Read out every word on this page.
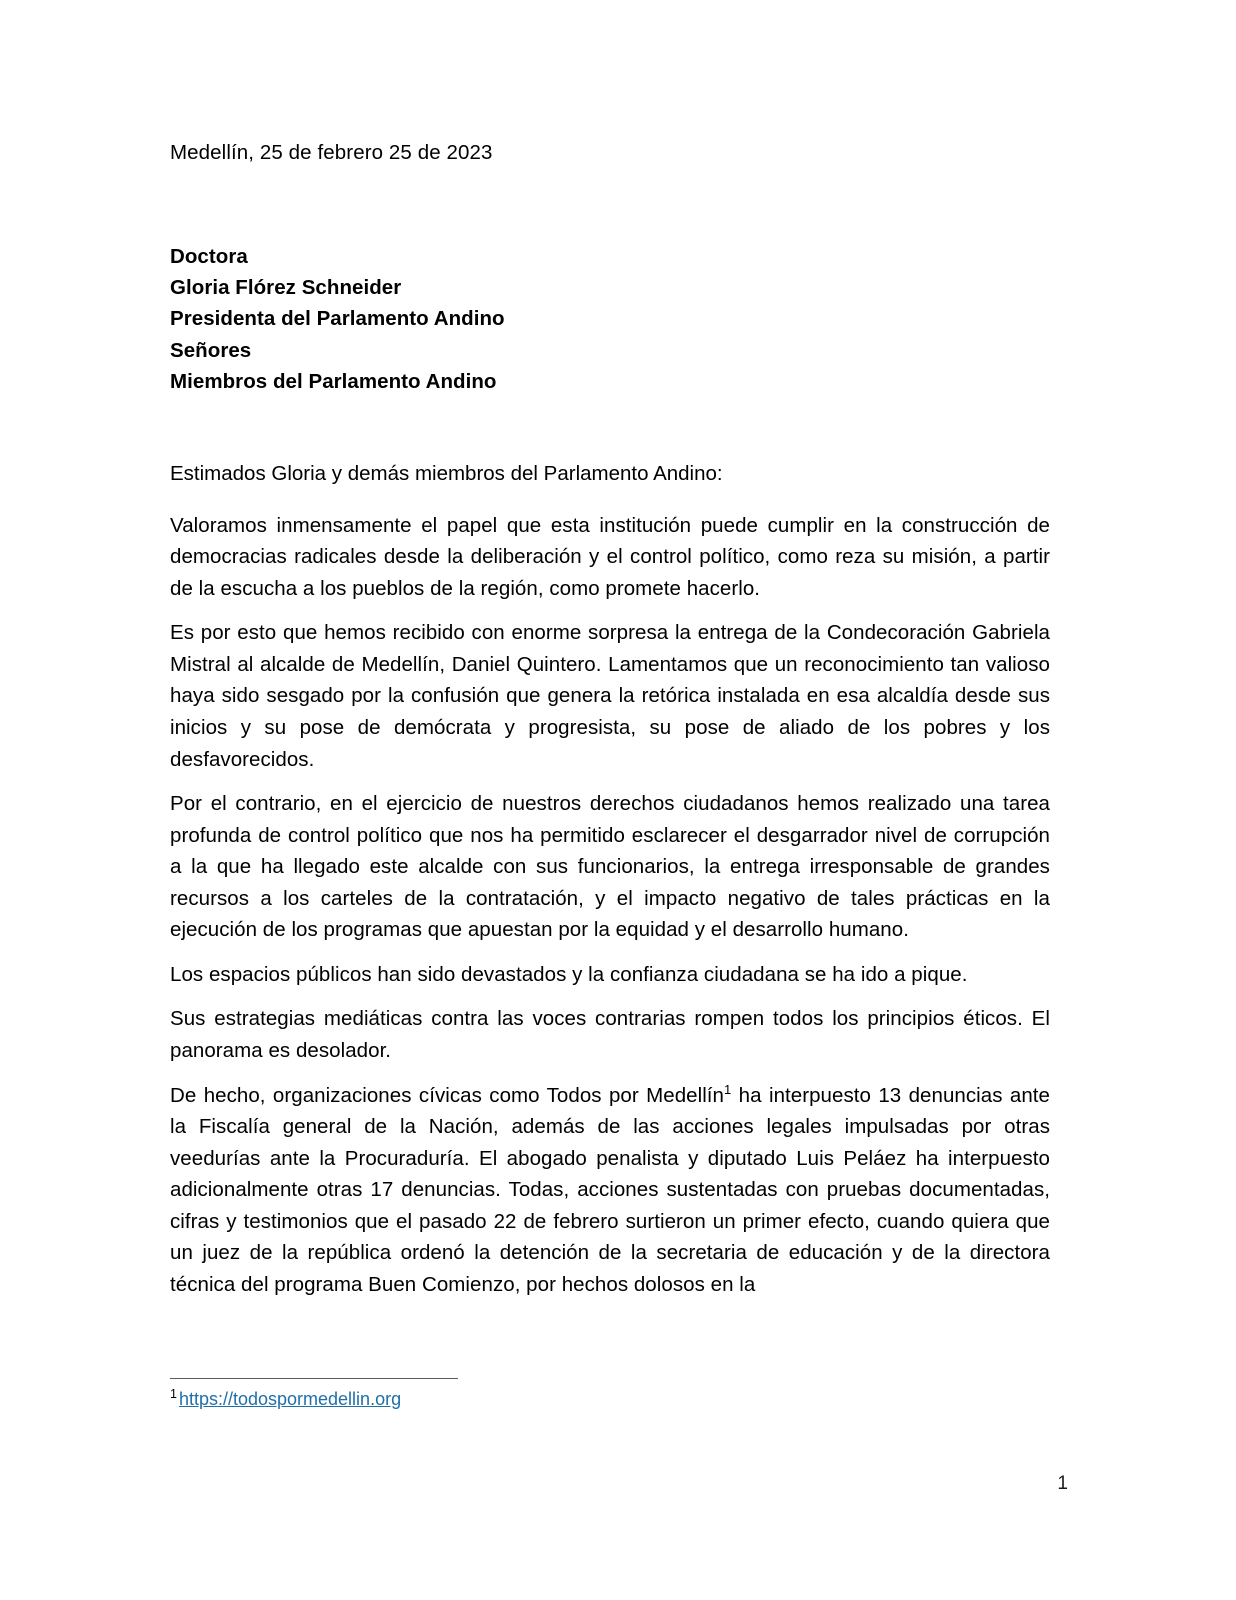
Medellín, 25 de febrero 25 de 2023
Doctora
Gloria Flórez Schneider
Presidenta del Parlamento Andino
Señores
Miembros del Parlamento Andino
Estimados Gloria y demás miembros del Parlamento Andino:

Valoramos inmensamente el papel que esta institución puede cumplir en la construcción de democracias radicales desde la deliberación y el control político, como reza su misión, a partir de la escucha a los pueblos de la región, como promete hacerlo.

Es por esto que hemos recibido con enorme sorpresa la entrega de la Condecoración Gabriela Mistral al alcalde de Medellín, Daniel Quintero. Lamentamos que un reconocimiento tan valioso haya sido sesgado por la confusión que genera la retórica instalada en esa alcaldía desde sus inicios y su pose de demócrata y progresista, su pose de aliado de los pobres y los desfavorecidos.

Por el contrario, en el ejercicio de nuestros derechos ciudadanos hemos realizado una tarea profunda de control político que nos ha permitido esclarecer el desgarrador nivel de corrupción a la que ha llegado este alcalde con sus funcionarios, la entrega irresponsable de grandes recursos a los carteles de la contratación, y el impacto negativo de tales prácticas en la ejecución de los programas que apuestan por la equidad y el desarrollo humano.

Los espacios públicos han sido devastados y la confianza ciudadana se ha ido a pique.

Sus estrategias mediáticas contra las voces contrarias rompen todos los principios éticos. El panorama es desolador.

De hecho, organizaciones cívicas como Todos por Medellín$^1$ ha interpuesto 13 denuncias ante la Fiscalía general de la Nación, además de las acciones legales impulsadas por otras veedurías ante la Procuraduría. El abogado penalista y diputado Luis Peláez ha interpuesto adicionalmente otras 17 denuncias. Todas, acciones sustentadas con pruebas documentadas, cifras y testimonios que el pasado 22 de febrero surtieron un primer efecto, cuando quiera que un juez de la república ordenó la detención de la secretaria de educación y de la directora técnica del programa Buen Comienzo, por hechos dolosos en la

$^1$ https://todospormedellin.org
1
